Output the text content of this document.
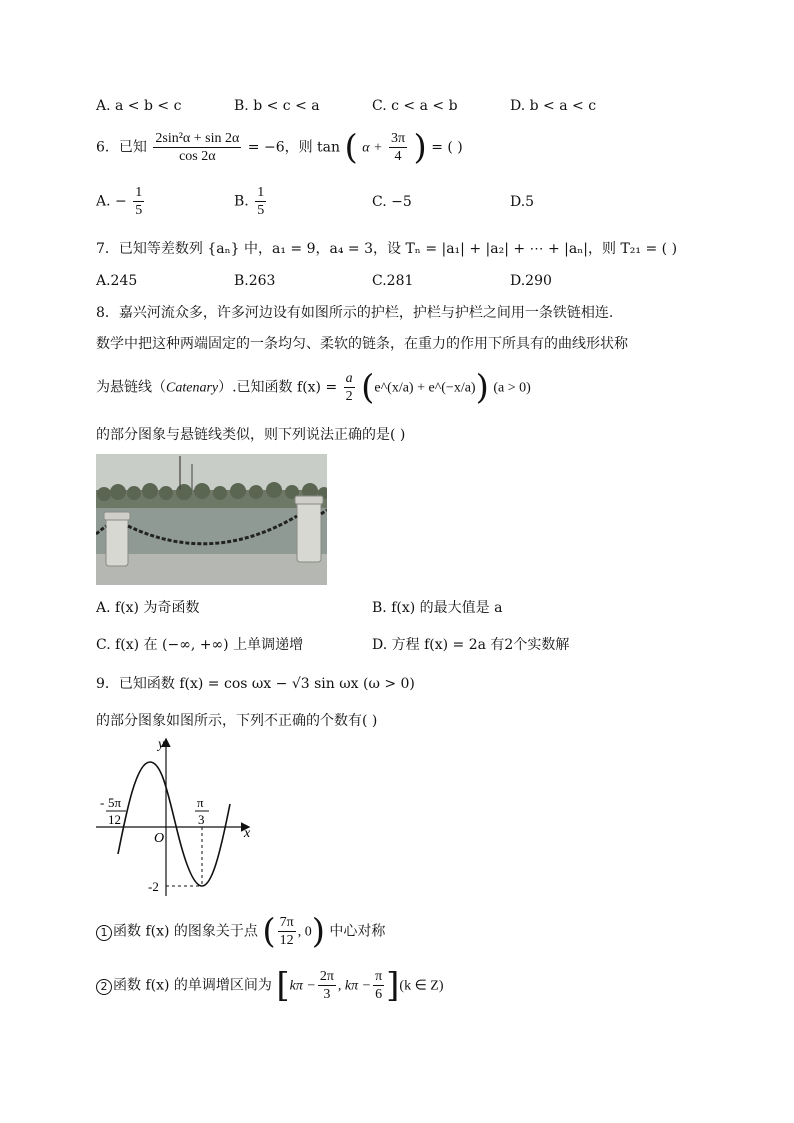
A. a < b < c	B. b < c < a	C. c < a < b	D. b < a < c
6．已知 $\frac{\text{2sin²α + sin 2α}}{\cos 2\alpha} = -6$，则 tan ( $\alpha + \frac{3\pi}{4}$ ) = ( )
A. − $\frac{1}{5}$	B. $\frac{1}{5}$	C. −5	D.5
7．已知等差数列 {aₙ} 中，a₁ = 9，a₄ = 3，设 Tₙ = |a₁| + |a₂| + ⋯ + |aₙ|，则 T₂₁ = ( )
A.245	B.263	C.281	D.290
8．嘉兴河流众多，许多河边设有如图所示的护栏，护栏与护栏之间用一条铁链相连.
数学中把这种两端固定的一条均匀、柔软的链条，在重力的作用下所具有的曲线形状称
为悬链线（Catenary）.已知函数 $f(x) = \frac{a}{2}$ (e^(x/a) + e^(−x/a)) (a > 0)
的部分图象与悬链线类似，则下列说法正确的是( )
A. f(x) 为奇函数	B. f(x) 的最大值是 a
C. f(x) 在 (−∞, +∞) 上单调递增	D. 方程 f(x) = 2a 有2个实数解
9．已知函数 f(x) = cos ωx − √3 sin ωx (ω > 0)
的部分图象如图所示，下列不正确的个数有( )
y
x
O
- 5π
12
π
3
-2
1 函数 f(x) 的图象关于点 ( $\frac{7\pi}{12}$ , 0) 中心对称
2 函数 f(x) 的单调增区间为 [$k\pi - \frac{2\pi}{3}$ , $k\pi - \frac{\pi}{6} ](k$ ∈ Z)
